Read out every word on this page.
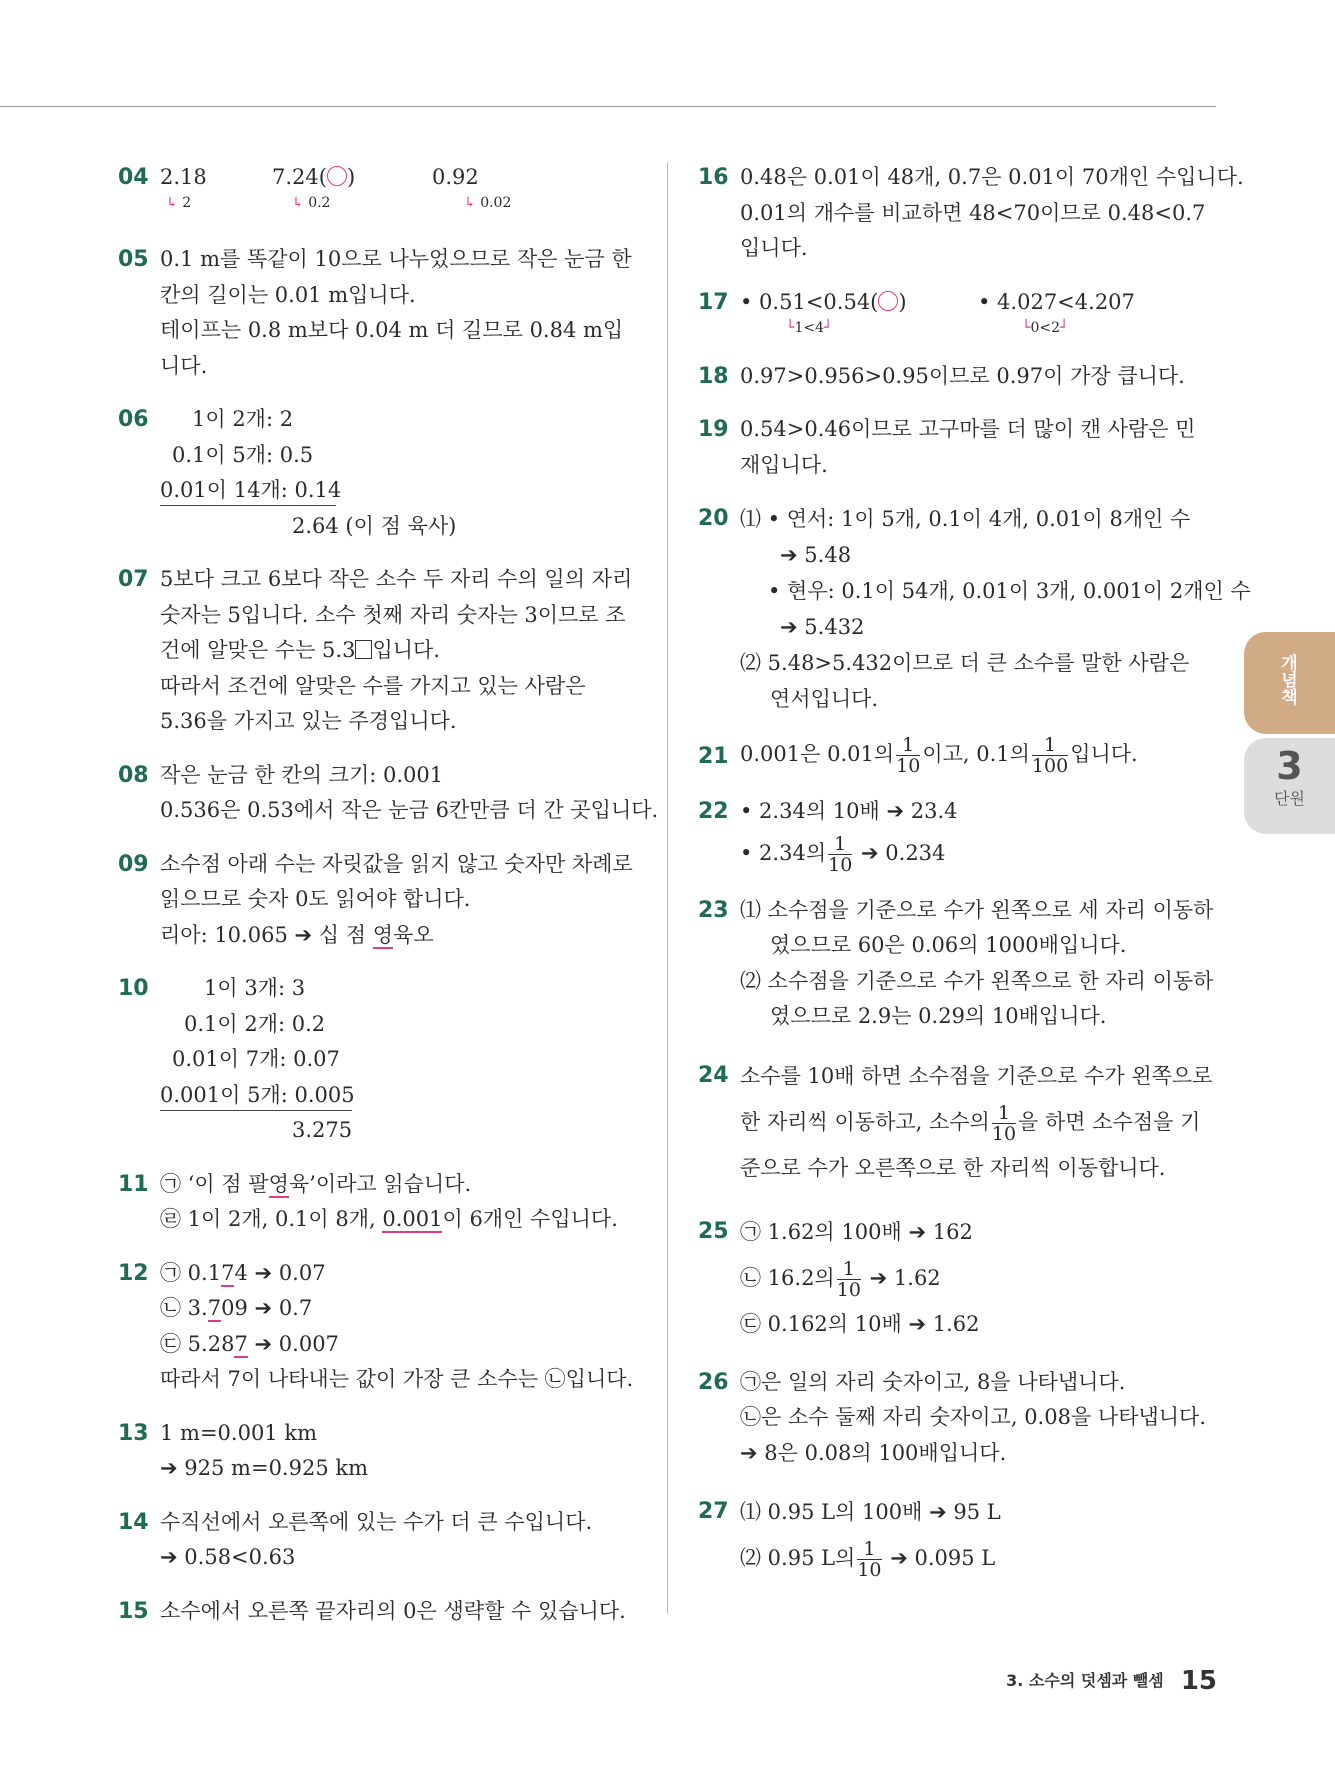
04 2.18
↳ 2
7.24(○)
↳ 0.2
0.92
↳ 0.02
05 0.1 m를 똑같이 10으로 나누었으므로 작은 눈금 한
칸의 길이는 0.01 m입니다.
테이프는 0.8 m보다 0.04 m 더 길므로 0.84 m입
니다.
06	1이 2개: 2
0.1이 5개: 0.5
0.01이 14개: 0.14
2.64 (이 점 육사)
07 5보다 크고 6보다 작은 소수 두 자리 수의 일의 자리
숫자는 5입니다. 소수 첫째 자리 숫자는 3이므로 조
건에 알맞은 수는 5.3 입니다.
따라서 조건에 알맞은 수를 가지고 있는 사람은
5.36을 가지고 있는 주경입니다.
08 작은 눈금 한 칸의 크기: 0.001
0.536은 0.53에서 작은 눈금 6칸만큼 더 간 곳입니다.
09 소수점 아래 수는 자릿값을 읽지 않고 숫자만 차례로
읽으므로 숫자 0도 읽어야 합니다.
리아: 10.065 ➔ 십 점 영육오
10	1이 3개: 3
0.1이 2개: 0.2
0.01이 7개: 0.07
0.001이 5개: 0.005
3.275
11 ㉠ ‘이 점 팔영육’이라고 읽습니다.
㉣ 1이 2개, 0.1이 8개, 0.001이 6개인 수입니다.
12 ㉠ 0.174 ➔ 0.07
㉡ 3.709 ➔ 0.7
㉢ 5.287 ➔ 0.007
따라서 7이 나타내는 값이 가장 큰 소수는 ㉡입니다.
13 1 m=0.001 km
➔ 925 m=0.925 km
14 수직선에서 오른쪽에 있는 수가 더 큰 수입니다.
➔ 0.58<0.63
15 소수에서 오른쪽 끝자리의 0은 생략할 수 있습니다.
16 0.48은 0.01이 48개, 0.7은 0.01이 70개인 수입니다.
0.01의 개수를 비교하면 48<70이므로 0.48<0.7
입니다.
17 • 0.51<0.54(○)
└1<4┘
• 4.027<4.207
└0<2┘
18 0.97>0.956>0.95이므로 0.97이 가장 큽니다.
19 0.54>0.46이므로 고구마를 더 많이 캔 사람은 민
재입니다.
20 ⑴ • 연서: 1이 5개, 0.1이 4개, 0.01이 8개인 수
➔ 5.48
• 현우: 0.1이 54개, 0.01이 3개, 0.001이 2개인 수
➔ 5.432
⑵ 5.48>5.432이므로 더 큰 소수를 말한 사람은
연서입니다.
21 0.001은 0.01의 $\frac{1}{10}$ 이고, 0.1의 $\frac{1}{100}$ 입니다.
22 • 2.34의 10배 ➔ 23.4
• 2.34의 $\frac{1}{10}$ ➔ 0.234
23 ⑴ 소수점을 기준으로 수가 왼쪽으로 세 자리 이동하
였으므로 60은 0.06의 1000배입니다.
⑵ 소수점을 기준으로 수가 왼쪽으로 한 자리 이동하
였으므로 2.9는 0.29의 10배입니다.
24 소수를 10배 하면 소수점을 기준으로 수가 왼쪽으로
한 자리씩 이동하고, 소수의 $\frac{1}{10}$ 을 하면 소수점을 기
준으로 수가 오른쪽으로 한 자리씩 이동합니다.
25 ㉠ 1.62의 100배 ➔ 162
㉡ 16.2의 $\frac{1}{10}$ ➔ 1.62
㉢ 0.162의 10배 ➔ 1.62
26 ㉠은 일의 자리 숫자이고, 8을 나타냅니다.
㉡은 소수 둘째 자리 숫자이고, 0.08을 나타냅니다.
➔ 8은 0.08의 100배입니다.
27 ⑴ 0.95 L의 100배 ➔ 95 L
⑵ 0.95 L의 $\frac{1}{10}$ ➔ 0.095 L
개념책
3
단원
3. 소수의 덧셈과 뺄셈 15
